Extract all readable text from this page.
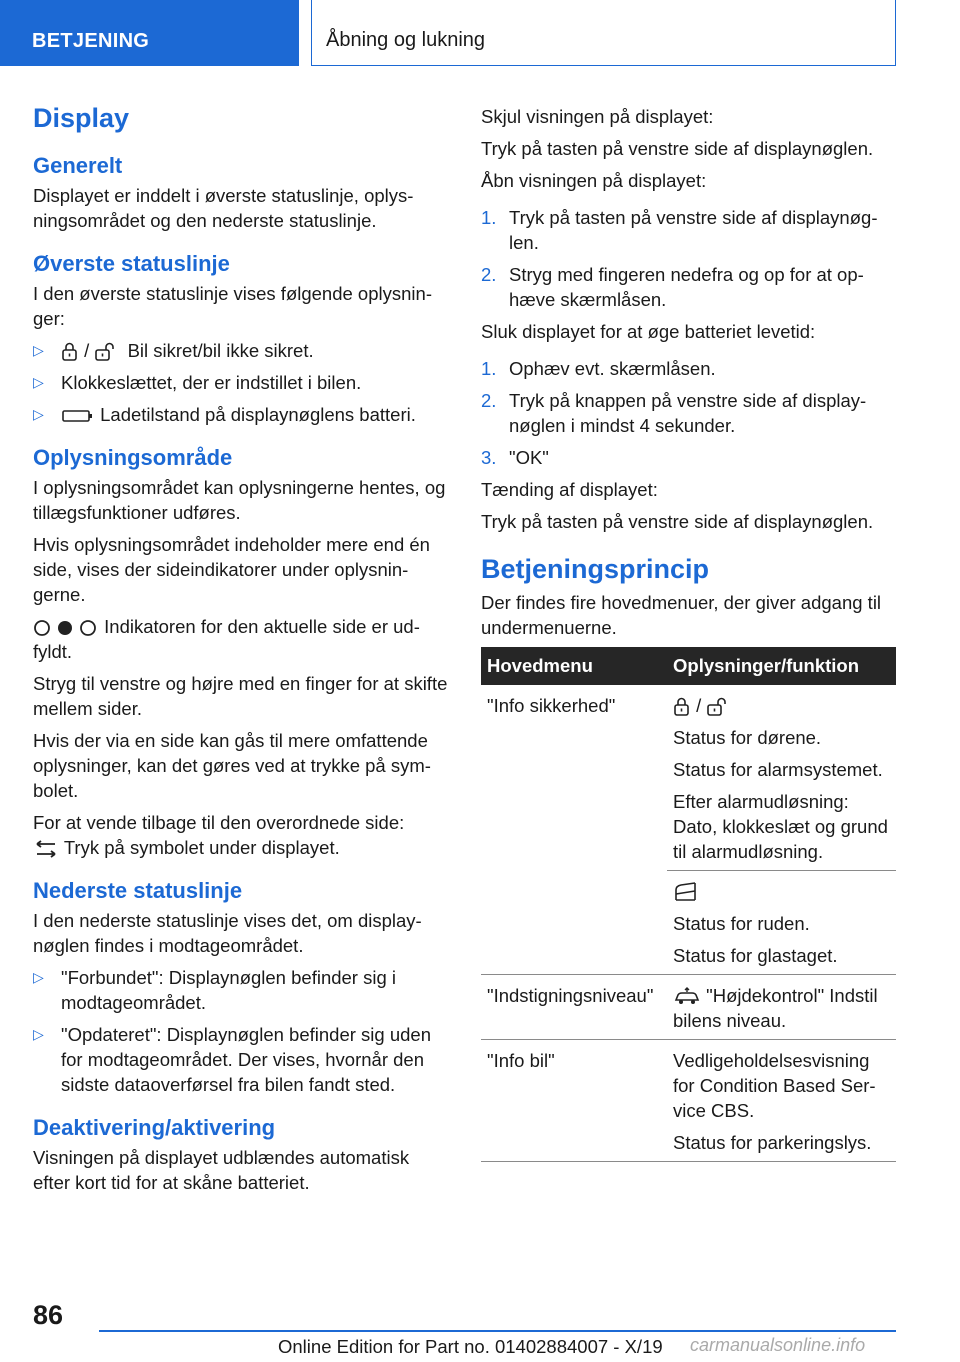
BETJENING	Åbning og lukning
Display
Generelt

Displayet er inddelt i øverste statuslinje, oplysningsområdet og den nederste statuslinje.

Øverste statuslinje

I den øverste statuslinje vises følgende oplysninger:

▷ / Bil sikret/bil ikke sikret.
▷ Klokkeslættet, der er indstillet i bilen.
▷	Ladetilstand på displaynøglens batteri.
Oplysningsområde

I oplysningsområdet kan oplysningerne hentes, og tillægsfunktioner udføres.

Hvis oplysningsområdet indeholder mere end én side, vises der sideindikatorer under oplysningerne.

Indikatoren for den aktuelle side er udfyldt.

Stryg til venstre og højre med en finger for at skifte mellem sider.

Hvis der via en side kan gås til mere omfattende oplysninger, kan det gøres ved at trykke på symbolet.

For at vende tilbage til den overordnede side:

Tryk på symbolet under displayet.

Nederste statuslinje

I den nederste statuslinje vises det, om displaynøglen findes i modtageområdet.

▷ "Forbundet": Displaynøglen befinder sig i modtageområdet.
▷ "Opdateret": Displaynøglen befinder sig uden for modtageområdet. Der vises, hvornår den sidste dataoverførsel fra bilen fandt sted.
Deaktivering/aktivering

Visningen på displayet udblændes automatisk efter kort tid for at skåne batteriet.

Skjul visningen på displayet:

Tryk på tasten på venstre side af displaynøglen.

Åbn visningen på displayet:

1. Tryk på tasten på venstre side af displaynøglen.
2. Stryg med fingeren nedefra og op for at ophæve skærmlåsen.

Sluk displayet for at øge batteriet levetid:

1. Ophæv evt. skærmlåsen.
2. Tryk på knappen på venstre side af displaynøglen i mindst 4 sekunder.
3. "OK"

Tænding af displayet:

Tryk på tasten på venstre side af displaynøglen.

Betjeningsprincip

Der findes fire hovedmenuer, der giver adgang til undermenuerne.

Hovedmenu	Oplysninger/funktion
"Info sikkerhed"	/

Status for dørene.

Status for alarmsystemet.

Efter alarmudløsning: Dato, klokkeslæt og grund til alarmudløsning.

	Status for ruden.

Status for glastaget.

"Indstigningsniveau"	"Højdekontrol" Indstil bilens niveau.
"Info bil"	Vedligeholdelsesvisning for Condition Based Service CBS.

Status for parkeringslys.

86
Online Edition for Part no. 01402884007 - X/19 carmanualsonline.info
